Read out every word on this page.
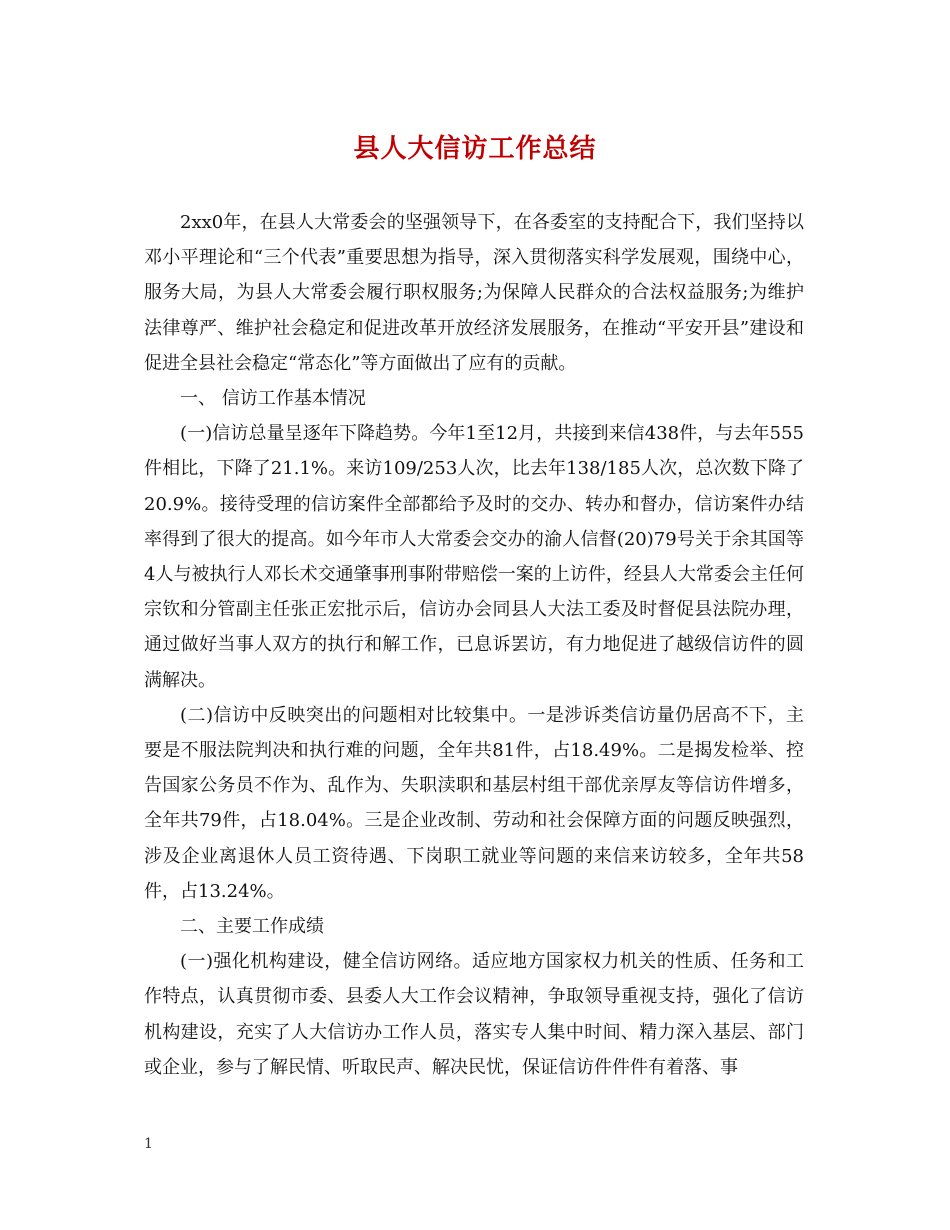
县人大信访工作总结

2xx0年，在县人大常委会的坚强领导下，在各委室的支持配合下，我们坚持以邓小平理论和“三个代表”重要思想为指导，深入贯彻落实科学发展观，围绕中心，服务大局，为县人大常委会履行职权服务;为保障人民群众的合法权益服务;为维护法律尊严、维护社会稳定和促进改革开放经济发展服务，在推动“平安开县”建设和促进全县社会稳定“常态化”等方面做出了应有的贡献。

一、 信访工作基本情况

(一)信访总量呈逐年下降趋势。今年1至12月，共接到来信438件，与去年555件相比，下降了21.1%。来访109/253人次，比去年138/185人次，总次数下降了20.9%。接待受理的信访案件全部都给予及时的交办、转办和督办，信访案件办结率得到了很大的提高。如今年市人大常委会交办的渝人信督(20)79号关于余其国等4人与被执行人邓长术交通肇事刑事附带赔偿一案的上访件，经县人大常委会主任何宗钦和分管副主任张正宏批示后，信访办会同县人大法工委及时督促县法院办理，通过做好当事人双方的执行和解工作，已息诉罢访，有力地促进了越级信访件的圆满解决。

(二)信访中反映突出的问题相对比较集中。一是涉诉类信访量仍居高不下，主要是不服法院判决和执行难的问题，全年共81件，占18.49%。二是揭发检举、控告国家公务员不作为、乱作为、失职渎职和基层村组干部优亲厚友等信访件增多，全年共79件，占18.04%。三是企业改制、劳动和社会保障方面的问题反映强烈，涉及企业离退休人员工资待遇、下岗职工就业等问题的来信来访较多，全年共58件，占13.24%。

二、主要工作成绩

(一)强化机构建设，健全信访网络。适应地方国家权力机关的性质、任务和工作特点，认真贯彻市委、县委人大工作会议精神，争取领导重视支持，强化了信访机构建设，充实了人大信访办工作人员，落实专人集中时间、精力深入基层、部门或企业，参与了解民情、听取民声、解决民忧，保证信访件件件有着落、事

1
